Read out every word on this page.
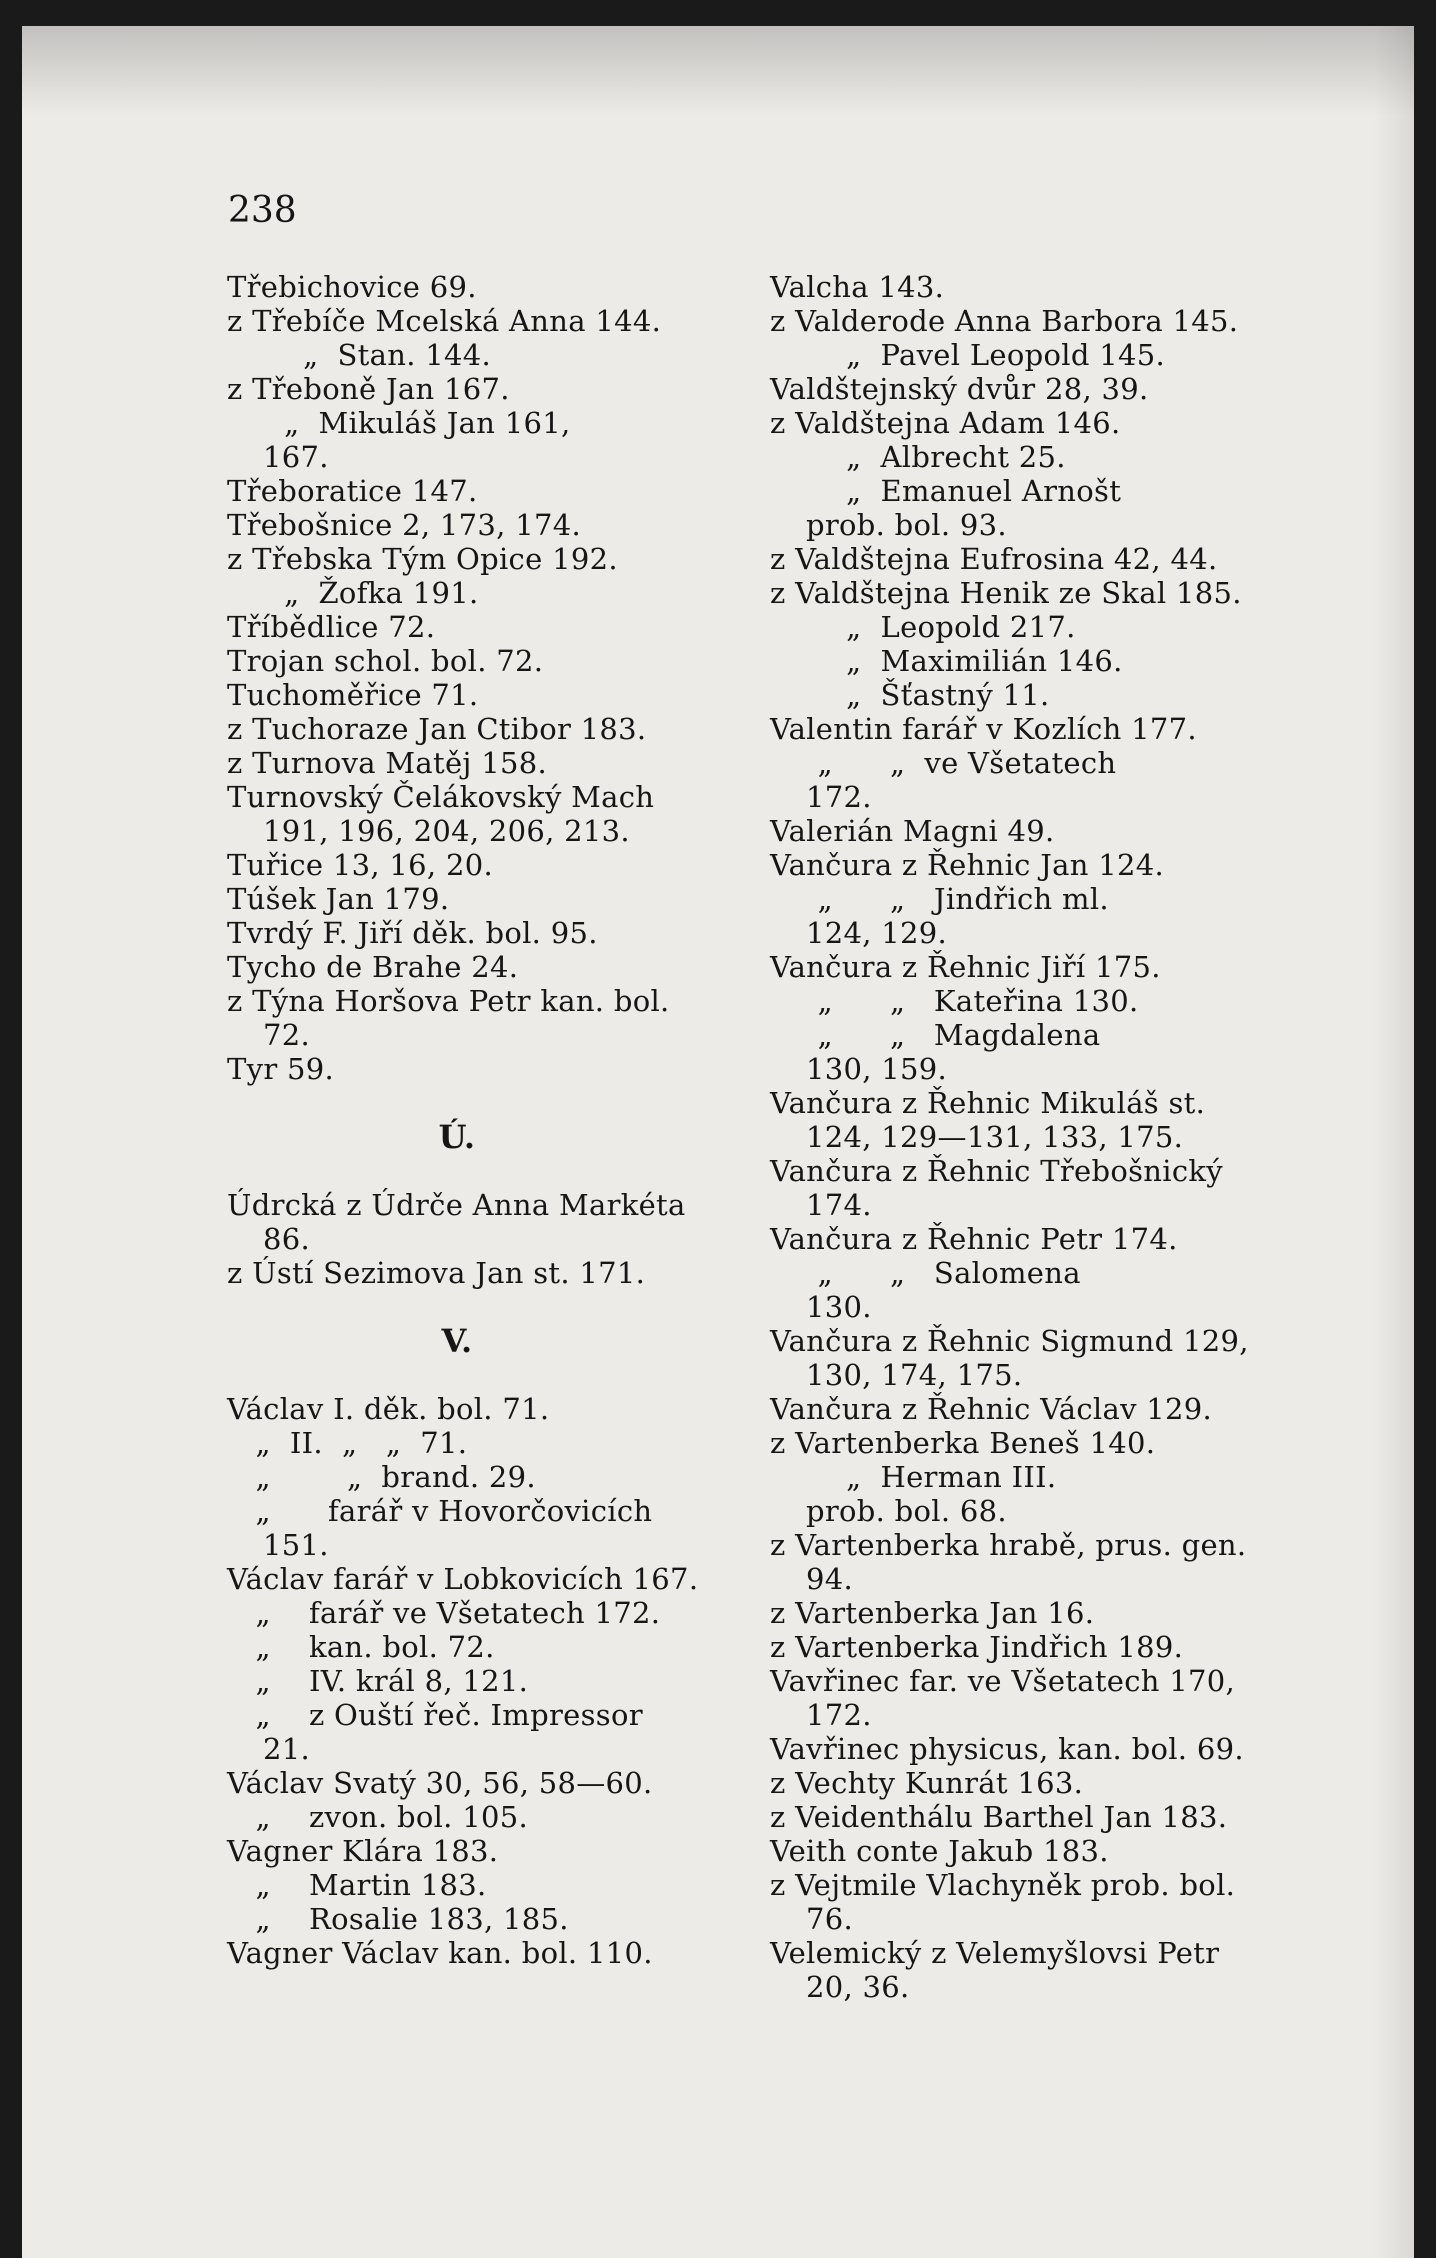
238
Třebichovice 69.
z Třebíče Mcelská Anna 144.
„  Stan. 144.
z Třeboně Jan 167.
„  Mikuláš Jan 161,
167.
Třeboratice 147.
Třebošnice 2, 173, 174.
z Třebska Tým Opice 192.
„  Žofka 191.
Tříbědlice 72.
Trojan schol. bol. 72.
Tuchoměřice 71.
z Tuchoraze Jan Ctibor 183.
z Turnova Matěj 158.
Turnovský Čelákovský Mach
191, 196, 204, 206, 213.
Tuřice 13, 16, 20.
Túšek Jan 179.
Tvrdý F. Jiří děk. bol. 95.
Tycho de Brahe 24.
z Týna Horšova Petr kan. bol.
72.
Tyr 59.
Ú.
Údrcká z Údrče Anna Markéta
86.
z Ústí Sezimova Jan st. 171.
V.
Václav I. děk. bol. 71.
„  II.  „   „  71.
„        „  brand. 29.
„      farář v Hovorčovicích
151.
Václav farář v Lobkovicích 167.
„    farář ve Všetatech 172.
„    kan. bol. 72.
„    IV. král 8, 121.
„    z Ouští řeč. Impressor
21.
Václav Svatý 30, 56, 58—60.
„    zvon. bol. 105.
Vagner Klára 183.
„    Martin 183.
„    Rosalie 183, 185.
Vagner Václav kan. bol. 110.
Valcha 143.
z Valderode Anna Barbora 145.
„  Pavel Leopold 145.
Valdštejnský dvůr 28, 39.
z Valdštejna Adam 146.
„  Albrecht 25.
„  Emanuel Arnošt
prob. bol. 93.
z Valdštejna Eufrosina 42, 44.
z Valdštejna Henik ze Skal 185.
„  Leopold 217.
„  Maximilián 146.
„  Šťastný 11.
Valentin farář v Kozlích 177.
„      „  ve Všetatech
172.
Valerián Magni 49.
Vančura z Řehnic Jan 124.
„      „   Jindřich ml.
124, 129.
Vančura z Řehnic Jiří 175.
„      „   Kateřina 130.
„      „   Magdalena
130, 159.
Vančura z Řehnic Mikuláš st.
124, 129—131, 133, 175.
Vančura z Řehnic Třebošnický
174.
Vančura z Řehnic Petr 174.
„      „   Salomena
130.
Vančura z Řehnic Sigmund 129,
130, 174, 175.
Vančura z Řehnic Václav 129.
z Vartenberka Beneš 140.
„  Herman III.
prob. bol. 68.
z Vartenberka hrabě, prus. gen.
94.
z Vartenberka Jan 16.
z Vartenberka Jindřich 189.
Vavřinec far. ve Všetatech 170,
172.
Vavřinec physicus, kan. bol. 69.
z Vechty Kunrát 163.
z Veidenthálu Barthel Jan 183.
Veith conte Jakub 183.
z Vejtmile Vlachyněk prob. bol.
76.
Velemický z Velemyšlovsi Petr
20, 36.
